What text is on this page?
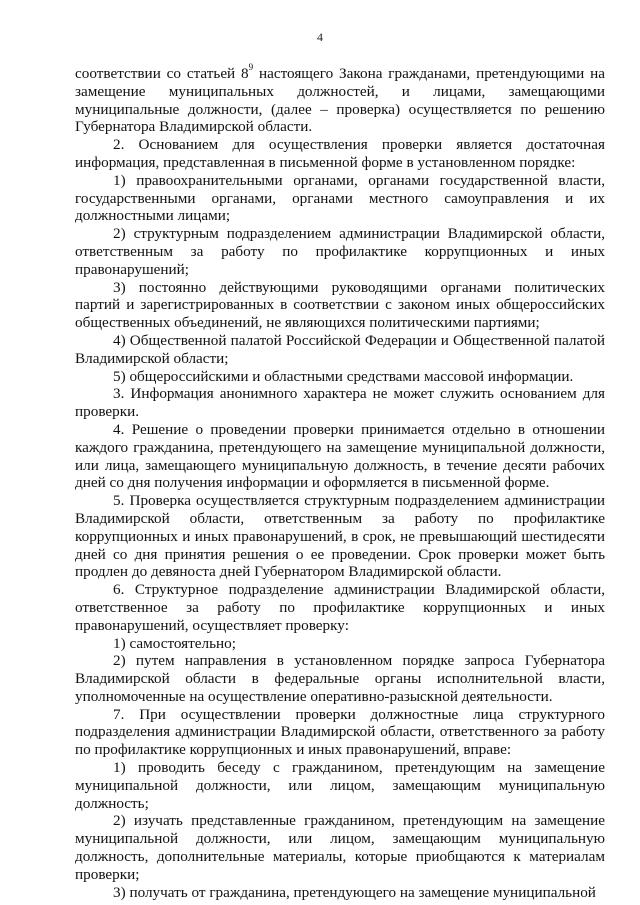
4

соответствии со статьей $8^9$ настоящего Закона гражданами, претендующими на замещение муниципальных должностей, и лицами, замещающими муниципальные должности, (далее – проверка) осуществляется по решению Губернатора Владимирской области.

2. Основанием для осуществления проверки является достаточная информация, представленная в письменной форме в установленном порядке:

1) правоохранительными органами, органами государственной власти, государственными органами, органами местного самоуправления и их должностными лицами;

2) структурным подразделением администрации Владимирской области, ответственным за работу по профилактике коррупционных и иных правонарушений;

3) постоянно действующими руководящими органами политических партий и зарегистрированных в соответствии с законом иных общероссийских общественных объединений, не являющихся политическими партиями;

4) Общественной палатой Российской Федерации и Общественной палатой Владимирской области;

5) общероссийскими и областными средствами массовой информации.

3. Информация анонимного характера не может служить основанием для проверки.

4. Решение о проведении проверки принимается отдельно в отношении каждого гражданина, претендующего на замещение муниципальной должности, или лица, замещающего муниципальную должность, в течение десяти рабочих дней со дня получения информации и оформляется в письменной форме.

5. Проверка осуществляется структурным подразделением администрации Владимирской области, ответственным за работу по профилактике коррупционных и иных правонарушений, в срок, не превышающий шестидесяти дней со дня принятия решения о ее проведении. Срок проверки может быть продлен до девяноста дней Губернатором Владимирской области.

6. Структурное подразделение администрации Владимирской области, ответственное за работу по профилактике коррупционных и иных правонарушений, осуществляет проверку:

1) самостоятельно;

2) путем направления в установленном порядке запроса Губернатора Владимирской области в федеральные органы исполнительной власти, уполномоченные на осуществление оперативно-разыскной деятельности.

7. При осуществлении проверки должностные лица структурного подразделения администрации Владимирской области, ответственного за работу по профилактике коррупционных и иных правонарушений, вправе:

1) проводить беседу с гражданином, претендующим на замещение муниципальной должности, или лицом, замещающим муниципальную должность;

2) изучать представленные гражданином, претендующим на замещение муниципальной должности, или лицом, замещающим муниципальную должность, дополнительные материалы, которые приобщаются к материалам проверки;

3) получать от гражданина, претендующего на замещение муниципальной
